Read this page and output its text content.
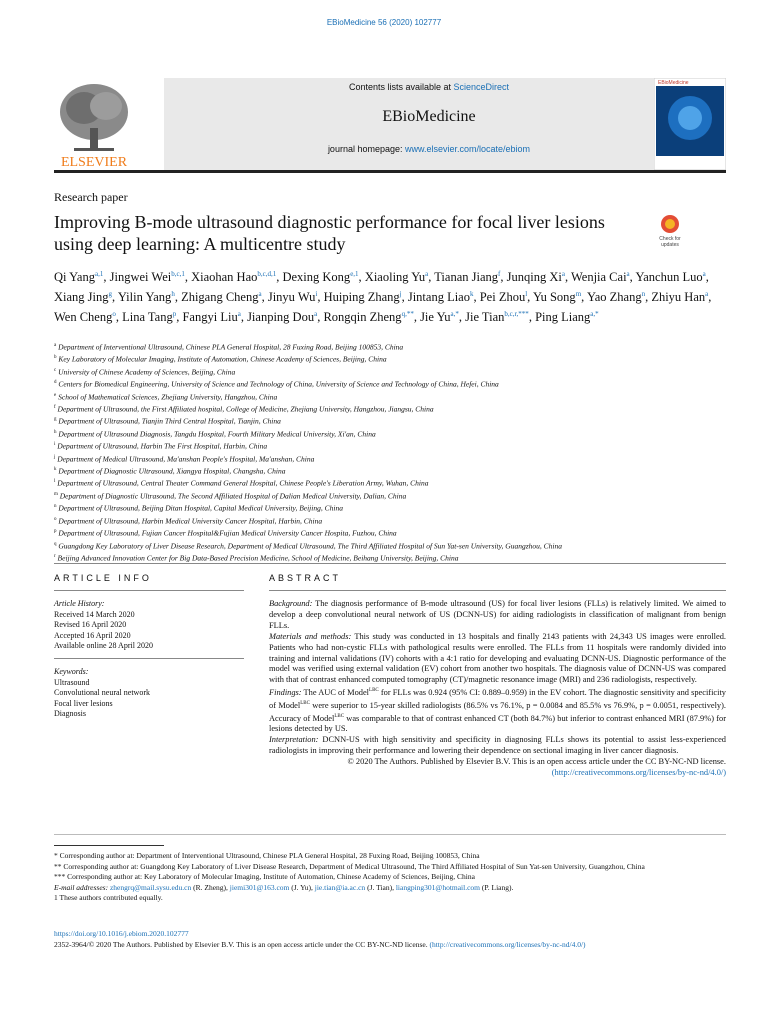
EBioMedicine 56 (2020) 102777
ELSEVIER
Contents lists available at ScienceDirect
EBioMedicine
journal homepage: www.elsevier.com/locate/ebiom
EBioMedicine
Research paper
Improving B-mode ultrasound diagnostic performance for focal liver lesions using deep learning: A multicentre study	Check for
updates
Qi Yang$^{a,1}$, Jingwei Wei$^{b,c,1}$, Xiaohan Hao$^{b,c,d,1}$, Dexing Kong$^{e,1}$, Xiaoling Yu$^a$, Tianan Jiang$^f$, Junqing Xi$^a$, Wenjia Cai$^a$, Yanchun Luo$^a$, Xiang Jing$^g$, Yilin Yang$^h$, Zhigang Cheng$^a$, Jinyu Wu$^i$, Huiping Zhang$^j$, Jintang Liao$^k$, Pei Zhou$^l$, Yu Song$^m$, Yao Zhang$^n$, Zhiyu Han$^a$, Wen Cheng$^o$, Lina Tang$^p$, Fangyi Liu$^a$, Jianping Dou$^a$, Rongqin Zheng$^{q,**}$, Jie $Yu^{a,*}$, Jie Tian$^{b,c,r,***}$, Ping Liang$^{a,*}$
$^a$ Department of Interventional Ultrasound, Chinese PLA General Hospital, 28 Fuxing Road, Beijing 100853, China
$^b$ Key Laboratory of Molecular Imaging, Institute of Automation, Chinese Academy of Sciences, Beijing, China
$^c$ University of Chinese Academy of Sciences, Beijing, China
$^d$ Centers for Biomedical Engineering, University of Science and Technology of China, University of Science and Technology of China, Hefei, China
$^e$ School of Mathematical Sciences, Zhejiang University, Hangzhou, China
$^f$ Department of Ultrasound, the First Affiliated hospital, College of Medicine, Zhejiang University, Hangzhou, Jiangsu, China
$^g$ Department of Ultrasound, Tianjin Third Central Hospital, Tianjin, China
$^h$ Department of Ultrasound Diagnosis, Tangdu Hospital, Fourth Military Medical University, Xi'an, China
$^i$ Department of Ultrasound, Harbin The First Hospital, Harbin, China
$^j$ Department of Medical Ultrasound, Ma'anshan People's Hospital, Ma'anshan, China
$^k$ Department of Diagnostic Ultrasound, Xiangya Hospital, Changsha, China
$^l$ Department of Ultrasound, Central Theater Command General Hospital, Chinese People's Liberation Army, Wuhan, China
$^m$ Department of Diagnostic Ultrasound, The Second Affiliated Hospital of Dalian Medical University, Dalian, China
$^n$ Department of Ultrasound, Beijing Ditan Hospital, Capital Medical University, Beijing, China
$^o$ Department of Ultrasound, Harbin Medical University Cancer Hospital, Harbin, China
$^p$ Department of Ultrasound, Fujian Cancer Hospital&Fujian Medical University Cancer Hospita, Fuzhou, China
$^q$ Guangdong Key Laboratory of Liver Disease Research, Department of Medical Ultrasound, The Third Affiliated Hospital of Sun Yat-sen University, Guangzhou, China
$^r$ Beijing Advanced Innovation Center for Big Data-Based Precision Medicine, School of Medicine, Beihang University, Beijing, China
ARTICLE INFO	ABSTRACT
Article History:
Received 14 March 2020
Revised 16 April 2020
Accepted 16 April 2020
Available online 28 April 2020
Keywords:
Ultrasound
Convolutional neural network
Focal liver lesions
Diagnosis

Background: The diagnosis performance of B-mode ultrasound (US) for focal liver lesions (FLLs) is relatively limited. We aimed to develop a deep convolutional neural network of US (DCNN-US) for aiding radiologists in classification of malignant from benign FLLs.

Materials and methods: This study was conducted in 13 hospitals and finally 2143 patients with 24,343 US images were enrolled. Patients who had non-cystic FLLs with pathological results were enrolled. The FLLs from 11 hospitals were randomly divided into training and internal validations (IV) cohorts with a 4:1 ratio for developing and evaluating DCNN-US. Diagnostic performance of the model was verified using external validation (EV) cohort from another two hospitals. The diagnosis value of DCNN-US was compared with that of contrast enhanced computed tomography (CT)/magnetic resonance image (MRI) and 236 radiologists, respectively.

Findings: The AUC of Model$^{LBC}$ for FLLs was 0.924 (95% CI: 0.889–0.959) in the EV cohort. The diagnostic sensitivity and specificity of Model$^{LBC}$ were superior to 15-year skilled radiologists (86.5% vs 76.1%, p = 0.0084 and 85.5% vs 76.9%, p = 0.0051, respectively). Accuracy of Model$^{LBC}$ was comparable to that of contrast enhanced CT (both 84.7%) but inferior to contrast enhanced MRI (87.9%) for lesions detected by US.

Interpretation: DCNN-US with high sensitivity and specificity in diagnosing FLLs shows its potential to assist less-experienced radiologists in improving their performance and lowering their dependence on sectional imaging in liver cancer diagnosis.

© 2020 The Authors. Published by Elsevier B.V. This is an open access article under the CC BY-NC-ND license.
(http://creativecommons.org/licenses/by-nc-nd/4.0/)

* Corresponding author at: Department of Interventional Ultrasound, Chinese PLA General Hospital, 28 Fuxing Road, Beijing 100853, China
** Corresponding author at: Guangdong Key Laboratory of Liver Disease Research, Department of Medical Ultrasound, The Third Affiliated Hospital of Sun Yat-sen University, Guangzhou, China
*** Corresponding author at: Key Laboratory of Molecular Imaging, Institute of Automation, Chinese Academy of Sciences, Beijing, China
E-mail addresses: zhengrq@mail.sysu.edu.cn (R. Zheng), jiemi301@163.com (J. Yu), jie.tian@ia.ac.cn (J. Tian), liangping301@hotmail.com (P. Liang).
1 These authors contributed equally.
https://doi.org/10.1016/j.ebiom.2020.102777
2352-3964/© 2020 The Authors. Published by Elsevier B.V. This is an open access article under the CC BY-NC-ND license. (http://creativecommons.org/licenses/by-nc-nd/4.0/)
